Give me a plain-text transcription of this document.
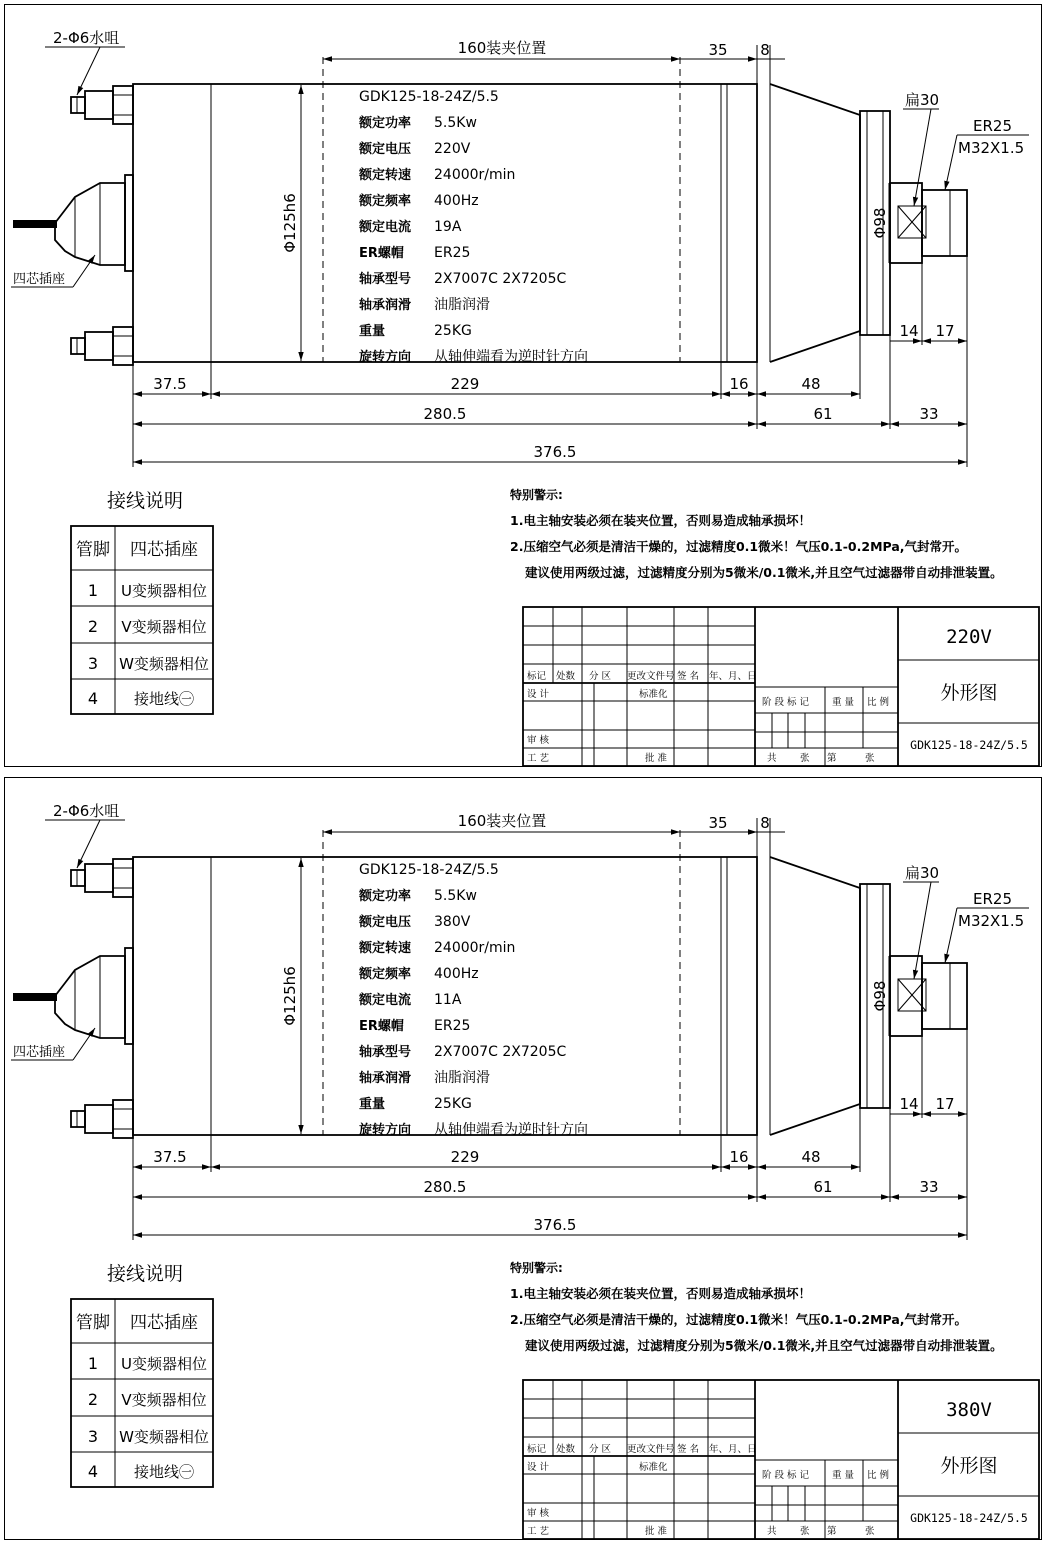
160装夹位置	35 8
2-Φ6水咀
四芯插座
Φ125h6	Φ98
扁30
ER25
M32X1.5
14 17
GDK125-18-24Z/5.5
额定功率 5.5Kw
额定电压 220V
额定转速 24000r/min
额定频率 400Hz
额定电流 19A
ER螺帽 ER25
轴承型号 2X7007C 2X7205C
轴承润滑 油脂润滑
重量	25KG
旋转方向 从轴伸端看为逆时针方向
37.5	229	16	48
280.5	61	33
376.5
接线说明
管脚 四芯插座
1 U变频器相位
2 V变频器相位
3 W变频器相位
4 接地线㊀
特别警示:
1.电主轴安装必须在装夹位置，否则易造成轴承损坏！
2.压缩空气必须是清洁干燥的，过滤精度0.1微米！气压0.1-0.2MPa,气封常开。
建议使用两级过滤，过滤精度分别为5微米/0.1微米,并且空气过滤器带自动排泄装置。
标记 处数 分 区 更改文件号 签 名 年、月、日
设 计	标准化
阶 段 标 记 重 量 比 例
审 核
工 艺	批 准	共 张 第	张
220V
外形图
GDK125-18-24Z/5.5
160装夹位置	35 8
2-Φ6水咀
四芯插座
Φ125h6	Φ98
扁30
ER25
M32X1.5
14 17
GDK125-18-24Z/5.5
额定功率 5.5Kw
额定电压 380V
额定转速 24000r/min
额定频率 400Hz
额定电流 11A
ER螺帽 ER25
轴承型号 2X7007C 2X7205C
轴承润滑 油脂润滑
重量	25KG
旋转方向 从轴伸端看为逆时针方向
37.5	229	16	48
280.5	61	33
376.5
接线说明
管脚 四芯插座
1 U变频器相位
2 V变频器相位
3 W变频器相位
4 接地线㊀
特别警示:
1.电主轴安装必须在装夹位置，否则易造成轴承损坏！
2.压缩空气必须是清洁干燥的，过滤精度0.1微米！气压0.1-0.2MPa,气封常开。
建议使用两级过滤，过滤精度分别为5微米/0.1微米,并且空气过滤器带自动排泄装置。
标记 处数 分 区 更改文件号 签 名 年、月、日
设 计	标准化
阶 段 标 记 重 量 比 例
审 核
工 艺	批 准	共 张 第	张
380V
外形图
GDK125-18-24Z/5.5
